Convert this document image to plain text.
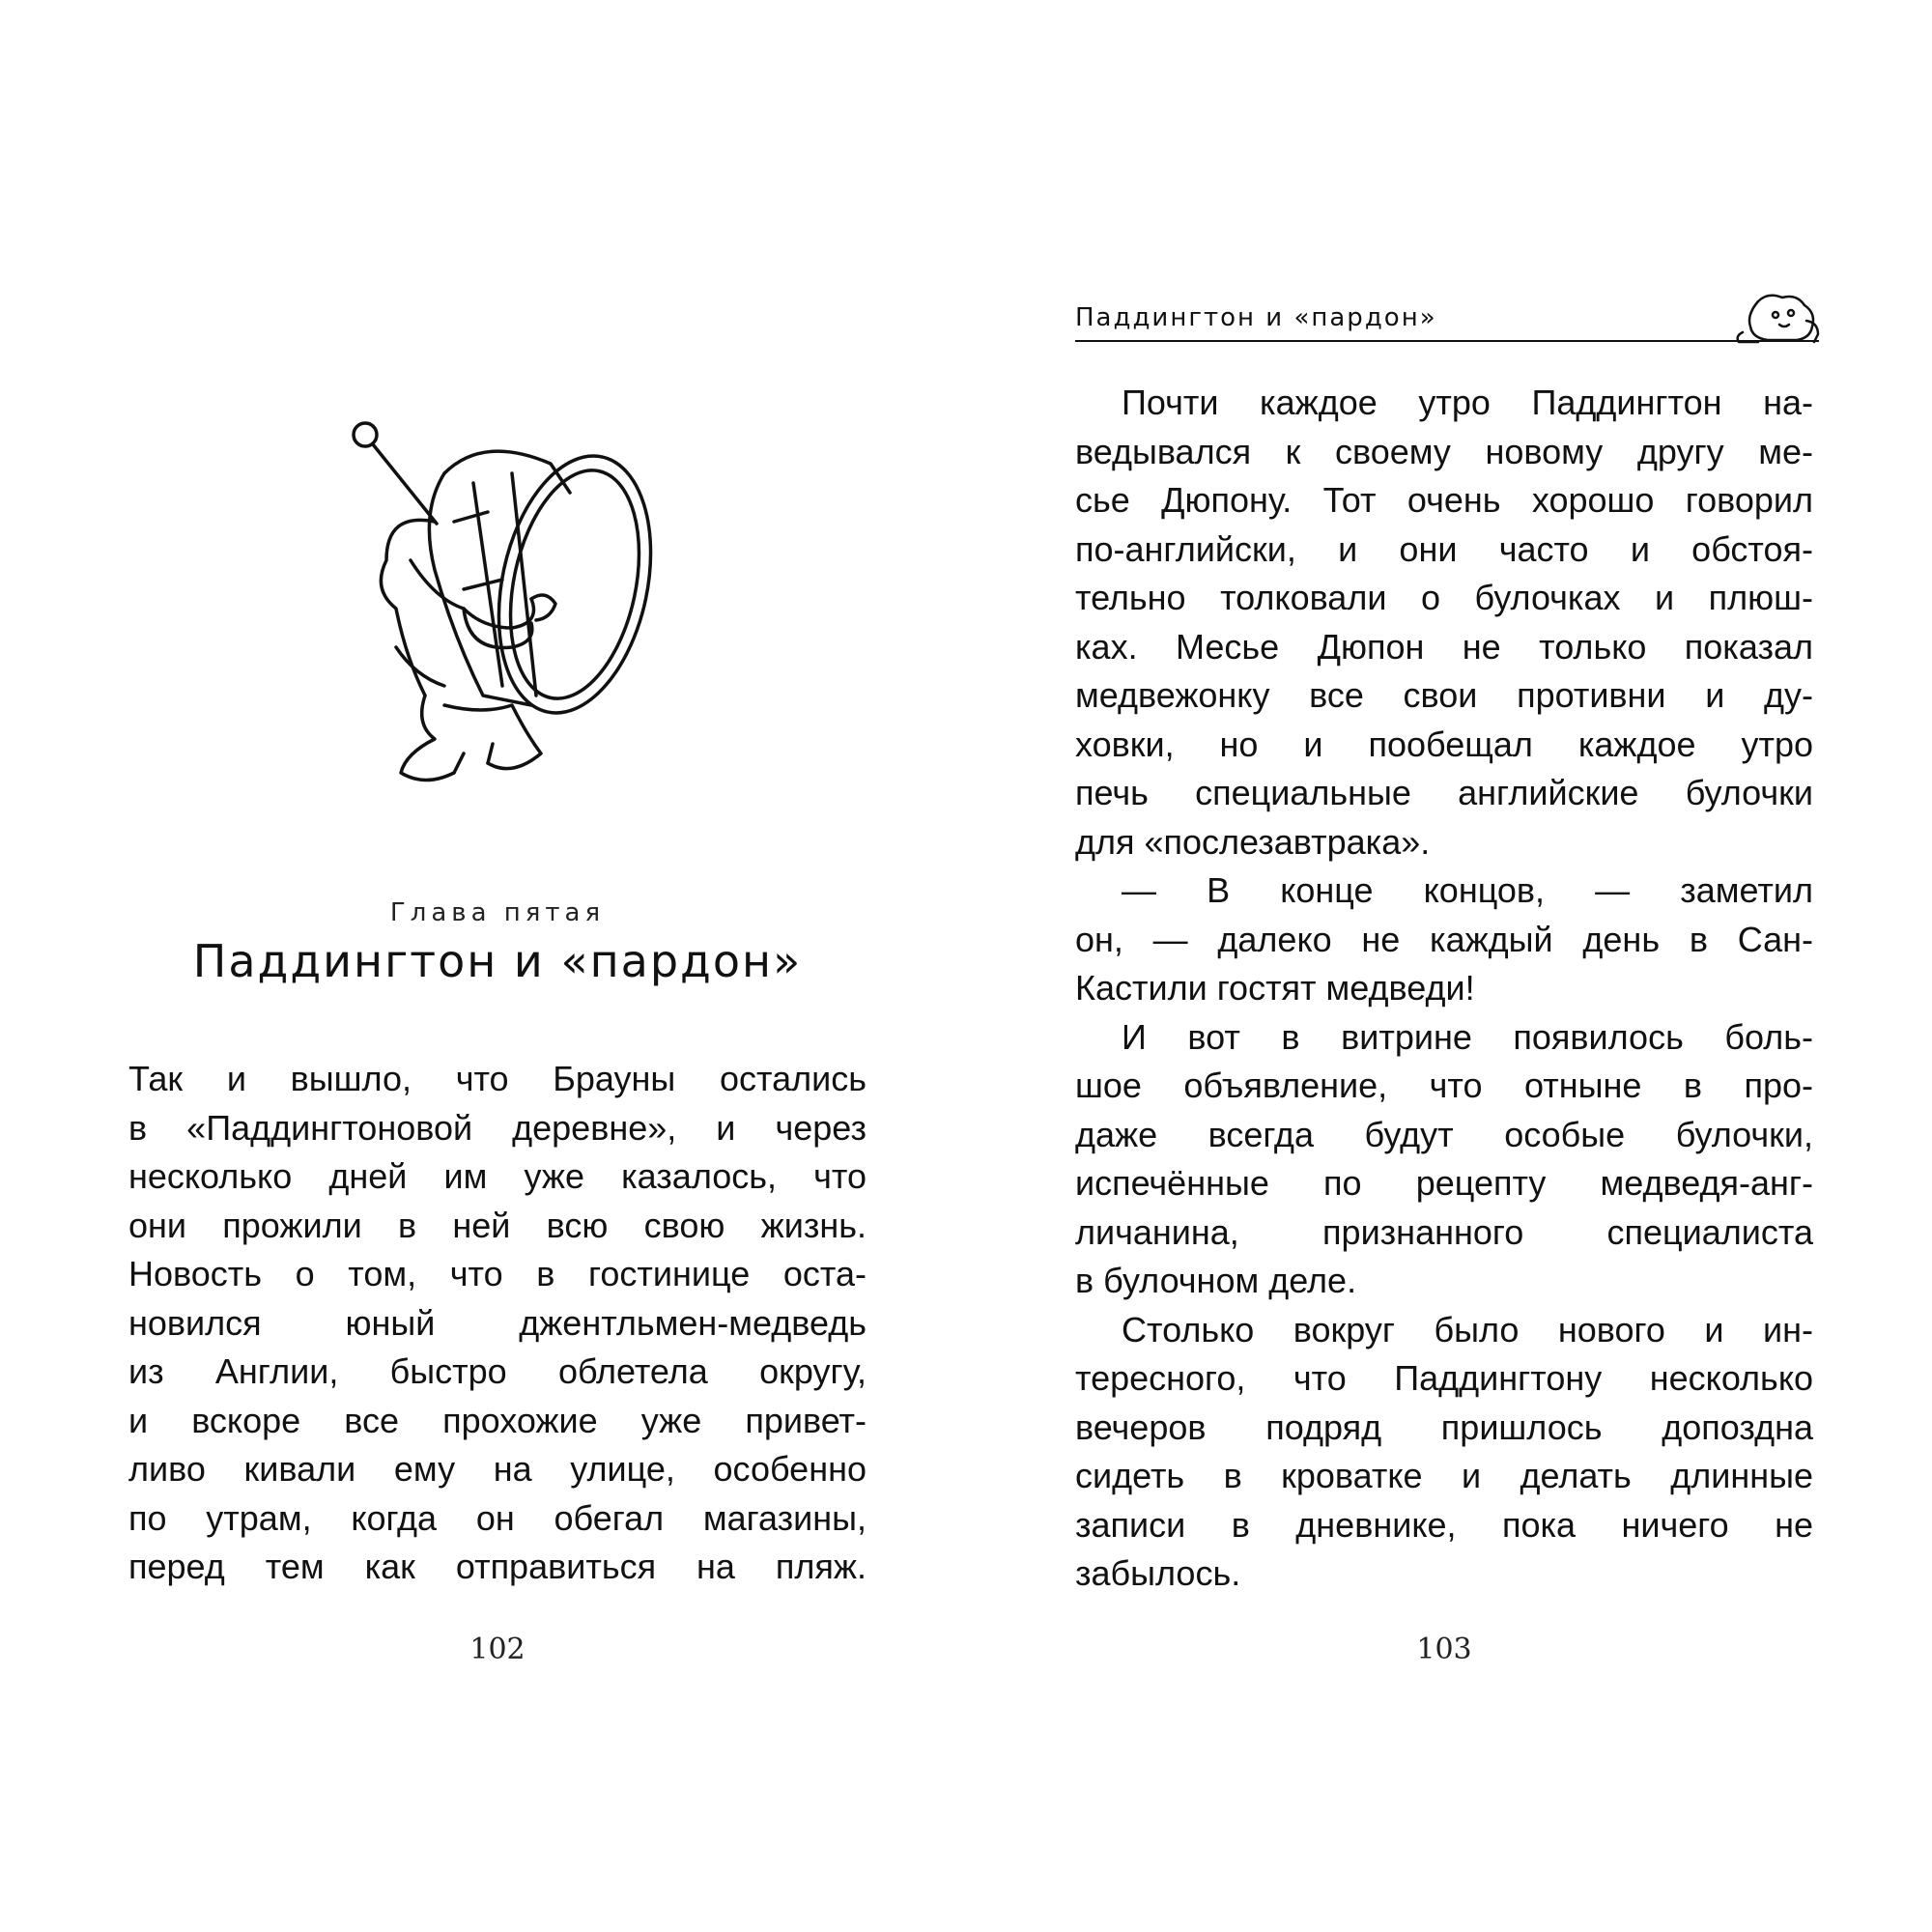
Глава пятая
Паддингтон и «пардон»
Так и вышло, что Брауны остались
в «Паддингтоновой деревне», и через
несколько дней им уже казалось, что
они прожили в ней всю свою жизнь.
Новость о том, что в гостинице оста-
новился юный джентльмен-медведь
из Англии, быстро облетела округу,
и вскоре все прохожие уже привет-
ливо кивали ему на улице, особенно
по утрам, когда он обегал магазины,
перед тем как отправиться на пляж.
102
Паддингтон и «пардон»
Почти каждое утро Паддингтон на-
ведывался к своему новому другу ме-
сье Дюпону. Тот очень хорошо говорил
по-английски, и они часто и обстоя-
тельно толковали о булочках и плюш-
ках. Месье Дюпон не только показал
медвежонку все свои противни и ду-
ховки, но и пообещал каждое утро
печь специальные английские булочки
для «послезавтрака».
— В конце концов, — заметил
он, — далеко не каждый день в Сан-
Кастили гостят медведи!
И вот в витрине появилось боль-
шое объявление, что отныне в про-
даже всегда будут особые булочки,
испечённые по рецепту медведя-анг-
личанина, признанного специалиста
в булочном деле.
Столько вокруг было нового и ин-
тересного, что Паддингтону несколько
вечеров подряд пришлось допоздна
сидеть в кроватке и делать длинные
записи в дневнике, пока ничего не
забылось.
103
